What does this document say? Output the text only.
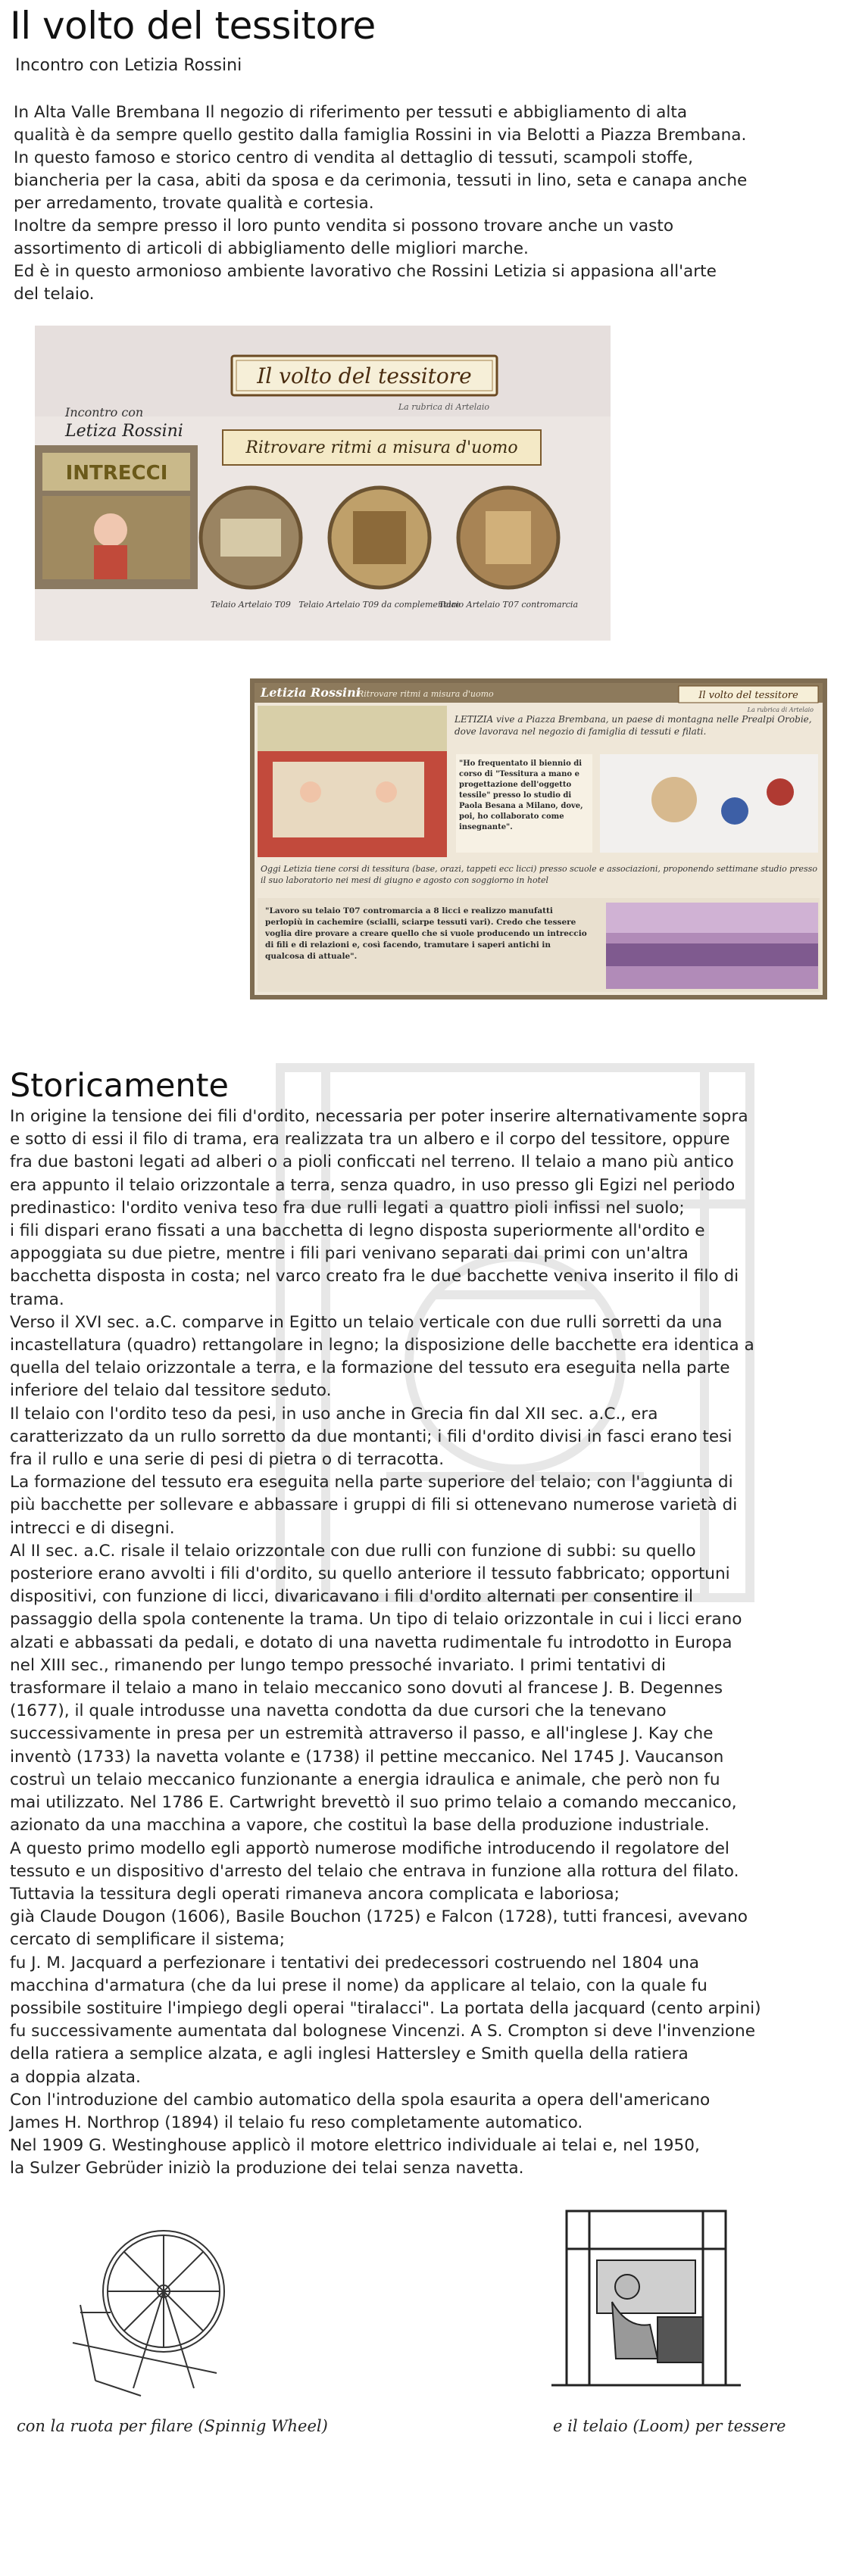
Il volto del tessitore
Incontro con Letizia Rossini

In Alta Valle Brembana Il negozio di riferimento per tessuti e abbigliamento di alta

qualità è da sempre quello gestito dalla famiglia Rossini in via Belotti a Piazza Brembana.

In questo famoso e storico centro di vendita al dettaglio di tessuti, scampoli stoffe,

biancheria per la casa, abiti da sposa e da cerimonia, tessuti in lino, seta e canapa anche

per arredamento, trovate qualità e cortesia.

Inoltre da sempre presso il loro punto vendita si possono trovare anche un vasto

assortimento di articoli di abbigliamento delle migliori marche.

Ed è in questo armonioso ambiente lavorativo che Rossini Letizia si appasiona all'arte

del telaio.

Il volto del tessitore
La rubrica di Artelaio
Incontro con
Letiza Rossini
INTRECCI
Ritrovare ritmi a misura d'uomo
Telaio Artelaio T09 Telaio Artelaio T09 da complementare
Telaio Artelaio T07 contromarcia
Letizia Rossini
Ritrovare ritmi a misura d'uomo	Il volto del tessitore
La rubrica di Artelaio
LETIZIA vive a Piazza Brembana, un paese di montagna nelle Prealpi Orobie, dove lavorava nel negozio di famiglia di tessuti e filati.
"Ho frequentato il biennio di corso di "Tessitura a mano e progettazione dell'oggetto tessile" presso lo studio di Paola Besana a Milano, dove, poi, ho collaborato come insegnante".
Oggi Letizia tiene corsi di tessitura (base, orazi, tappeti ecc licci) presso scuole e associazioni, proponendo settimane studio presso il suo laboratorio nei mesi di giugno e agosto con soggiorno in hotel
"Lavoro su telaio T07 contromarcia a 8 licci e realizzo manufatti perlopiù in cachemire (scialli, sciarpe tessuti vari). Credo che tessere voglia dire provare a creare quello che si vuole producendo un intreccio di fili e di relazioni e, così facendo, tramutare i saperi antichi in qualcosa di attuale".
Storicamente

In origine la tensione dei fili d'ordito, necessaria per poter inserire alternativamente sopra

e sotto di essi il filo di trama, era realizzata tra un albero e il corpo del tessitore, oppure

fra due bastoni legati ad alberi o a pioli conficcati nel terreno. Il telaio a mano più antico

era appunto il telaio orizzontale a terra, senza quadro, in uso presso gli Egizi nel periodo

predinastico: l'ordito veniva teso fra due rulli legati a quattro pioli infissi nel suolo;

i fili dispari erano fissati a una bacchetta di legno disposta superiormente all'ordito e

appoggiata su due pietre, mentre i fili pari venivano separati dai primi con un'altra

bacchetta disposta in costa; nel varco creato fra le due bacchette veniva inserito il filo di

trama.

Verso il XVI sec. a.C. comparve in Egitto un telaio verticale con due rulli sorretti da una

incastellatura (quadro) rettangolare in legno; la disposizione delle bacchette era identica a

quella del telaio orizzontale a terra, e la formazione del tessuto era eseguita nella parte

inferiore del telaio dal tessitore seduto.

Il telaio con l'ordito teso da pesi, in uso anche in Grecia fin dal XII sec. a.C., era

caratterizzato da un rullo sorretto da due montanti; i fili d'ordito divisi in fasci erano tesi

fra il rullo e una serie di pesi di pietra o di terracotta.

La formazione del tessuto era eseguita nella parte superiore del telaio; con l'aggiunta di

più bacchette per sollevare e abbassare i gruppi di fili si ottenevano numerose varietà di

intrecci e di disegni.

Al II sec. a.C. risale il telaio orizzontale con due rulli con funzione di subbi: su quello

posteriore erano avvolti i fili d'ordito, su quello anteriore il tessuto fabbricato; opportuni

dispositivi, con funzione di licci, divaricavano i fili d'ordito alternati per consentire il

passaggio della spola contenente la trama. Un tipo di telaio orizzontale in cui i licci erano

alzati e abbassati da pedali, e dotato di una navetta rudimentale fu introdotto in Europa

nel XIII sec., rimanendo per lungo tempo pressoché invariato. I primi tentativi di

trasformare il telaio a mano in telaio meccanico sono dovuti al francese J. B. Degennes

(1677), il quale introdusse una navetta condotta da due cursori che la tenevano

successivamente in presa per un estremità attraverso il passo, e all'inglese J. Kay che

inventò (1733) la navetta volante e (1738) il pettine meccanico. Nel 1745 J. Vaucanson

costruì un telaio meccanico funzionante a energia idraulica e animale, che però non fu

mai utilizzato. Nel 1786 E. Cartwright brevettò il suo primo telaio a comando meccanico,

azionato da una macchina a vapore, che costituì la base della produzione industriale.

A questo primo modello egli apportò numerose modifiche introducendo il regolatore del

tessuto e un dispositivo d'arresto del telaio che entrava in funzione alla rottura del filato.

Tuttavia la tessitura degli operati rimaneva ancora complicata e laboriosa;

già Claude Dougon (1606), Basile Bouchon (1725) e Falcon (1728), tutti francesi, avevano

cercato di semplificare il sistema;

fu J. M. Jacquard a perfezionare i tentativi dei predecessori costruendo nel 1804 una

macchina d'armatura (che da lui prese il nome) da applicare al telaio, con la quale fu

possibile sostituire l'impiego degli operai "tiralacci". La portata della jacquard (cento arpini)

fu successivamente aumentata dal bolognese Vincenzi. A S. Crompton si deve l'invenzione

della ratiera a semplice alzata, e agli inglesi Hattersley e Smith quella della ratiera

a doppia alzata.

Con l'introduzione del cambio automatico della spola esaurita a opera dell'americano

James H. Northrop (1894) il telaio fu reso completamente automatico.

Nel 1909 G. Westinghouse applicò il motore elettrico individuale ai telai e, nel 1950,

la Sulzer Gebrüder iniziò la produzione dei telai senza navetta.

con la ruota per filare (Spinnig Wheel)	e il telaio (Loom) per tessere
